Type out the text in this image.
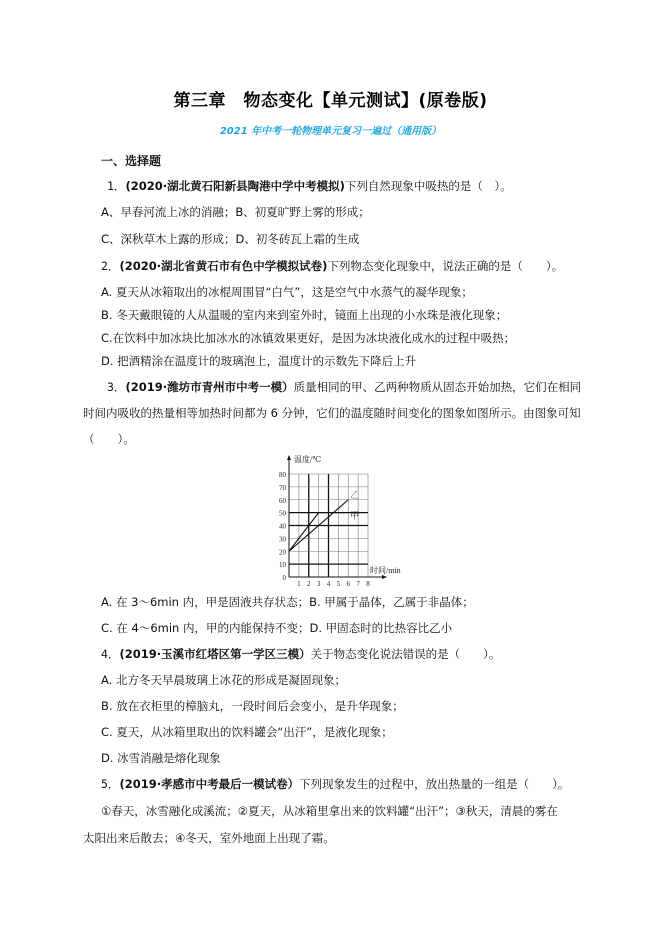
第三章　物态变化【单元测试】(原卷版)
2021 年中考一轮物理单元复习一遍过（通用版）
一、选择题
1．(2020·湖北黄石阳新县陶港中学中考模拟)下列自然现象中吸热的是（　）。
A、早春河流上冰的消融；B、初夏旷野上雾的形成；
C、深秋草木上露的形成；D、初冬砖瓦上霜的生成
2．(2020·湖北省黄石市有色中学模拟试卷)下列物态变化现象中，说法正确的是（　　）。
A. 夏天从冰箱取出的冰棍周围冒“白气”，这是空气中水蒸气的凝华现象；
B. 冬天戴眼镜的人从温暖的室内来到室外时，镜面上出现的小水珠是液化现象；
C.在饮料中加冰块比加冰水的冰镇效果更好，是因为冰块液化成水的过程中吸热；
D. 把酒精涂在温度计的玻璃泡上，温度计的示数先下降后上升
3．(2019·潍坊市青州市中考一模）质量相同的甲、乙两种物质从固态开始加热，它们在相同
时间内吸收的热量相等加热时间都为 6 分钟，它们的温度随时间变化的图象如图所示。由图象可知
（　　）。
0
10
20
30
40
50
60
70
80
1 2 3 4 5 6 7 8
甲
乙
温度/℃
时间/min
A. 在 3～6min 内，甲是固液共存状态；B. 甲属于晶体，乙属于非晶体；
C. 在 4～6min 内，甲的内能保持不变；D. 甲固态时的比热容比乙小
4．(2019·玉溪市红塔区第一学区三模）关于物态变化说法错误的是（　　）。
A. 北方冬天早晨玻璃上冰花的形成是凝固现象；
B. 放在衣柜里的樟脑丸，一段时间后会变小，是升华现象；
C. 夏天，从冰箱里取出的饮料罐会“出汗”，是液化现象；
D. 冰雪消融是熔化现象
5．(2019·孝感市中考最后一模试卷）下列现象发生的过程中，放出热量的一组是（　　）。
①春天，冰雪融化成溪流；②夏天，从冰箱里拿出来的饮料罐“出汗”；③秋天，清晨的雾在
太阳出来后散去；④冬天，室外地面上出现了霜。
